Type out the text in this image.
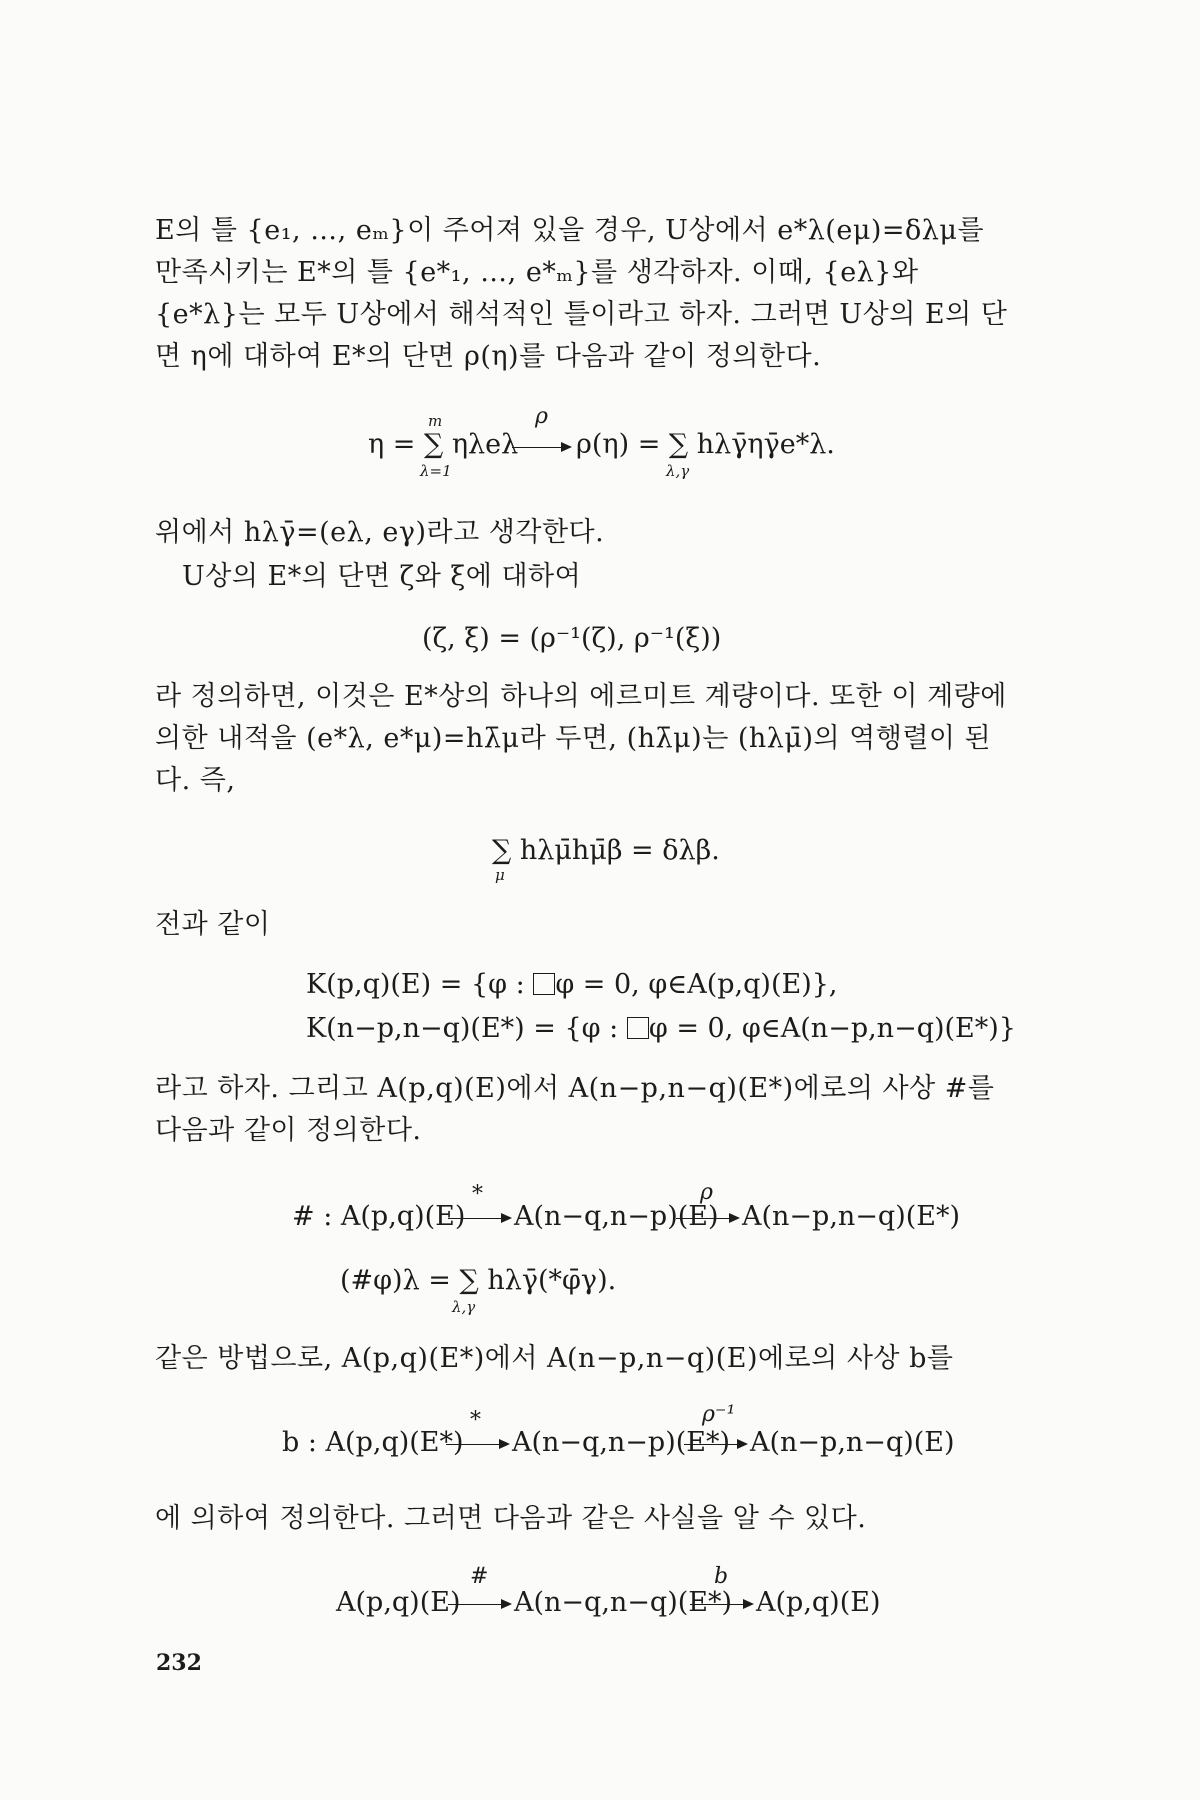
E의 틀 {e₁, …, eₘ}이 주어져 있을 경우, U상에서 e*λ(eμ)=δλμ를 만족시키는 E*의 틀 {e*₁, …, e*ₘ}를 생각하자. 이때, {eλ}와 {e*λ}는 모두 U상에서 해석적인 틀이라고 하자. 그러면 U상의 E의 단면 η에 대하여 E*의 단면 ρ(η)를 다음과 같이 정의한다.
η = ∑ ηλeλ
m
λ=1
ρ
ρ(η) = ∑ hλγ̄ηγ̄e*λ.
λ,γ
위에서 hλγ̄=(eλ, eγ)라고 생각한다.
U상의 E*의 단면 ζ와 ξ에 대하여
(ζ, ξ) = (ρ⁻¹(ζ), ρ⁻¹(ξ))
라 정의하면, 이것은 E*상의 하나의 에르미트 계량이다. 또한 이 계량에 의한 내적을 (e*λ, e*μ)=hλ̄μ라 두면, (hλ̄μ)는 (hλμ̄)의 역행렬이 된다. 즉,
∑ hλμ̄hμ̄β = δλβ.
μ
전과 같이
K(p,q)(E) = {φ : φ = 0, φ∈A(p,q)(E)},
K(n−p,n−q)(E*) = {φ : φ = 0, φ∈A(n−p,n−q)(E*)}
라고 하자. 그리고 A(p,q)(E)에서 A(n−p,n−q)(E*)에로의 사상 #를 다음과 같이 정의한다.
# : A(p,q)(E)
*
A(n−q,n−p)(E)
ρ
A(n−p,n−q)(E*)
(#φ)λ = ∑ hλγ̄(*φ̄γ).
λ,γ
같은 방법으로, A(p,q)(E*)에서 A(n−p,n−q)(E)에로의 사상 b를
b : A(p,q)(E*)
*
A(n−q,n−p)(E*)
ρ⁻¹
A(n−p,n−q)(E)
에 의하여 정의한다. 그러면 다음과 같은 사실을 알 수 있다.
A(p,q)(E)
#
A(n−q,n−q)(E*)
b
A(p,q)(E)
232
